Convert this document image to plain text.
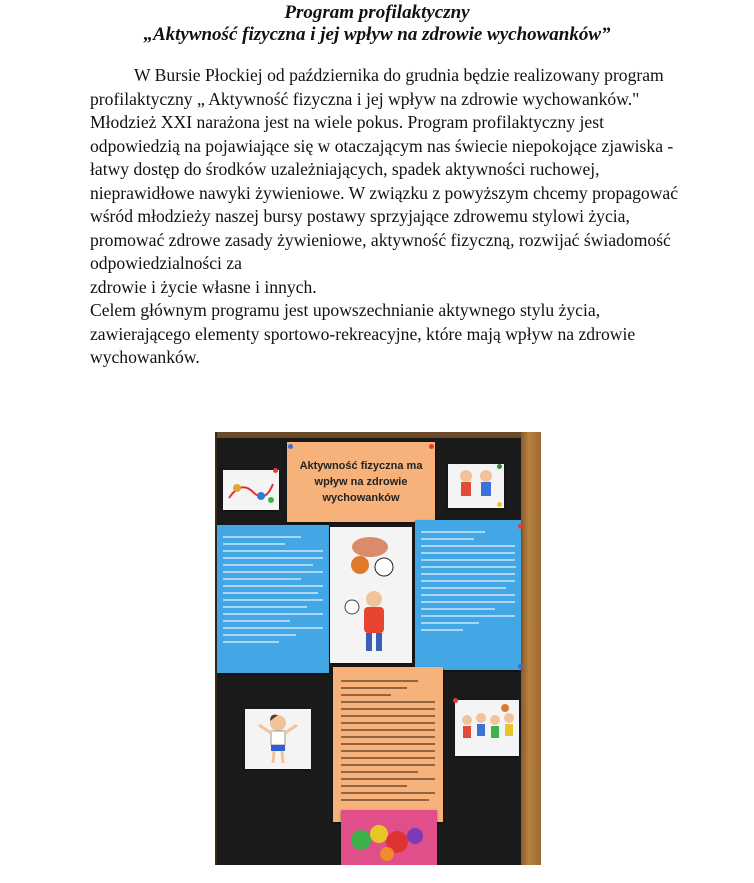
Program profilaktyczny
„Aktywność fizyczna i jej wpływ na zdrowie wychowanków”

W Bursie Płockiej od października do grudnia będzie realizowany program profilaktyczny „ Aktywność fizyczna i jej wpływ na zdrowie wychowanków."

Młodzież XXI narażona jest na wiele pokus. Program profilaktyczny jest odpowiedzią na pojawiające się w otaczającym nas świecie niepokojące zjawiska - łatwy dostęp do środków uzależniających, spadek aktywności ruchowej, nieprawidłowe nawyki żywieniowe. W związku z powyższym chcemy propagować wśród młodzieży naszej bursy postawy sprzyjające zdrowemu stylowi życia, promować zdrowe zasady żywieniowe, aktywność fizyczną, rozwijać świadomość odpowiedzialności za

zdrowie i życie własne i innych.

Celem głównym programu jest upowszechnianie aktywnego stylu życia, zawierającego elementy sportowo-rekreacyjne, które mają wpływ na zdrowie wychowanków.

Aktywność fizyczna ma wpływ na zdrowie wychowanków
